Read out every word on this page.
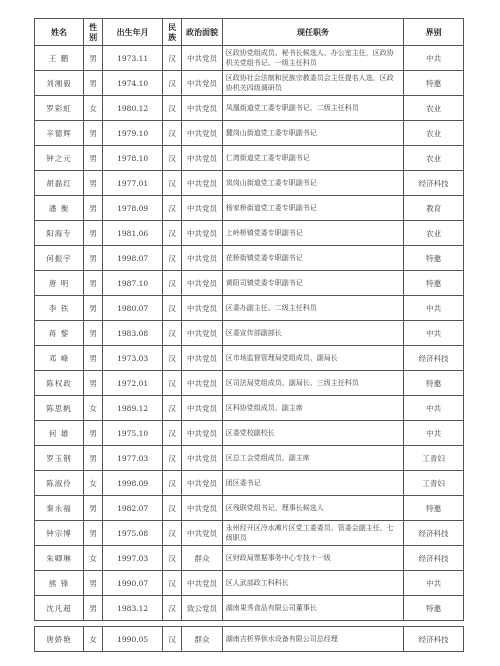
姓名	性别	出生年月	民族	政治面貌	现任职务	界别
王 鹏	男	1973.11	汉	中共党员	区政协党组成员、秘书长候选人、办公室主任，区政协机关党组书记、一级主任科员	中共
刘湘毅	男	1974.10	汉	中共党员	区政协社会法制和民族宗教委员会主任提名人选，区政协机关四级调研员	特邀
罗彩虹	女	1980.12	汉	中共党员	凤凰街道党工委专职副书记、二级主任科员	农业
辛德辉	男	1979.10	汉	中共党员	麓岗山街道党工委专职副书记	农业
钟之元	男	1978.10	汉	中共党员	仁湾街道党工委专职副书记	农业
胡磊红	男	1977.01	汉	中共党员	岚岗山街道党工委专职副书记	经济科技
潘 衡	男	1978.09	汉	中共党员	杨家桥街道党工委专职副书记	教育
阳海专	男	1981.06	汉	中共党员	上岭桥镇党委专职副书记	农业
何振宇	男	1998.07	汉	中共党员	花桥街镇党委专职副书记	特邀
唐 明	男	1987.10	汉	中共党员	黄阳司镇党委专职副书记	特邀
李 铁	男	1980.07	汉	中共党员	区委办副主任、二级主任科员	中共
蒋 黎	男	1983.08	汉	中共党员	区委宣传部副部长	中共
邓 峰	男	1973.03	汉	中共党员	区市场监督管理局党组成员、副局长	经济科技
陈权政	男	1972.01	汉	中共党员	区司法局党组成员、副局长、三级主任科员	特邀
陈思帆	女	1989.12	汉	中共党员	区科协党组成员、副主席	中共
何 雄	男	1975.10	汉	中共党员	区委党校副校长	中共
罗玉钢	男	1977.03	汉	中共党员	区总工会党组成员、副主席	工青妇
陈淑伶	女	1998.09	汉	中共党员	团区委书记	工青妇
秦永福	男	1982.07	汉	中共党员	区残联党组书记、理事长候选人	特邀
钟宗博	男	1975.08	汉	中共党员	永州经开区冷水滩片区党工委委员、管委会副主任、七级职员	经济科技
朱卿琳	女	1997.03	汉	群众	区财政局票据事务中心专技十一级	经济科技
熊 锋	男	1990.07	汉	中共党员	区人武部政工科科长	中共
沈凡超	男	1983.12	汉	致公党员	湖南果秀食品有限公司董事长	特邀

唐娇艳	女	1990.05	汉	群众	湖南吉析界供水设备有限公司总经理	经济科技
